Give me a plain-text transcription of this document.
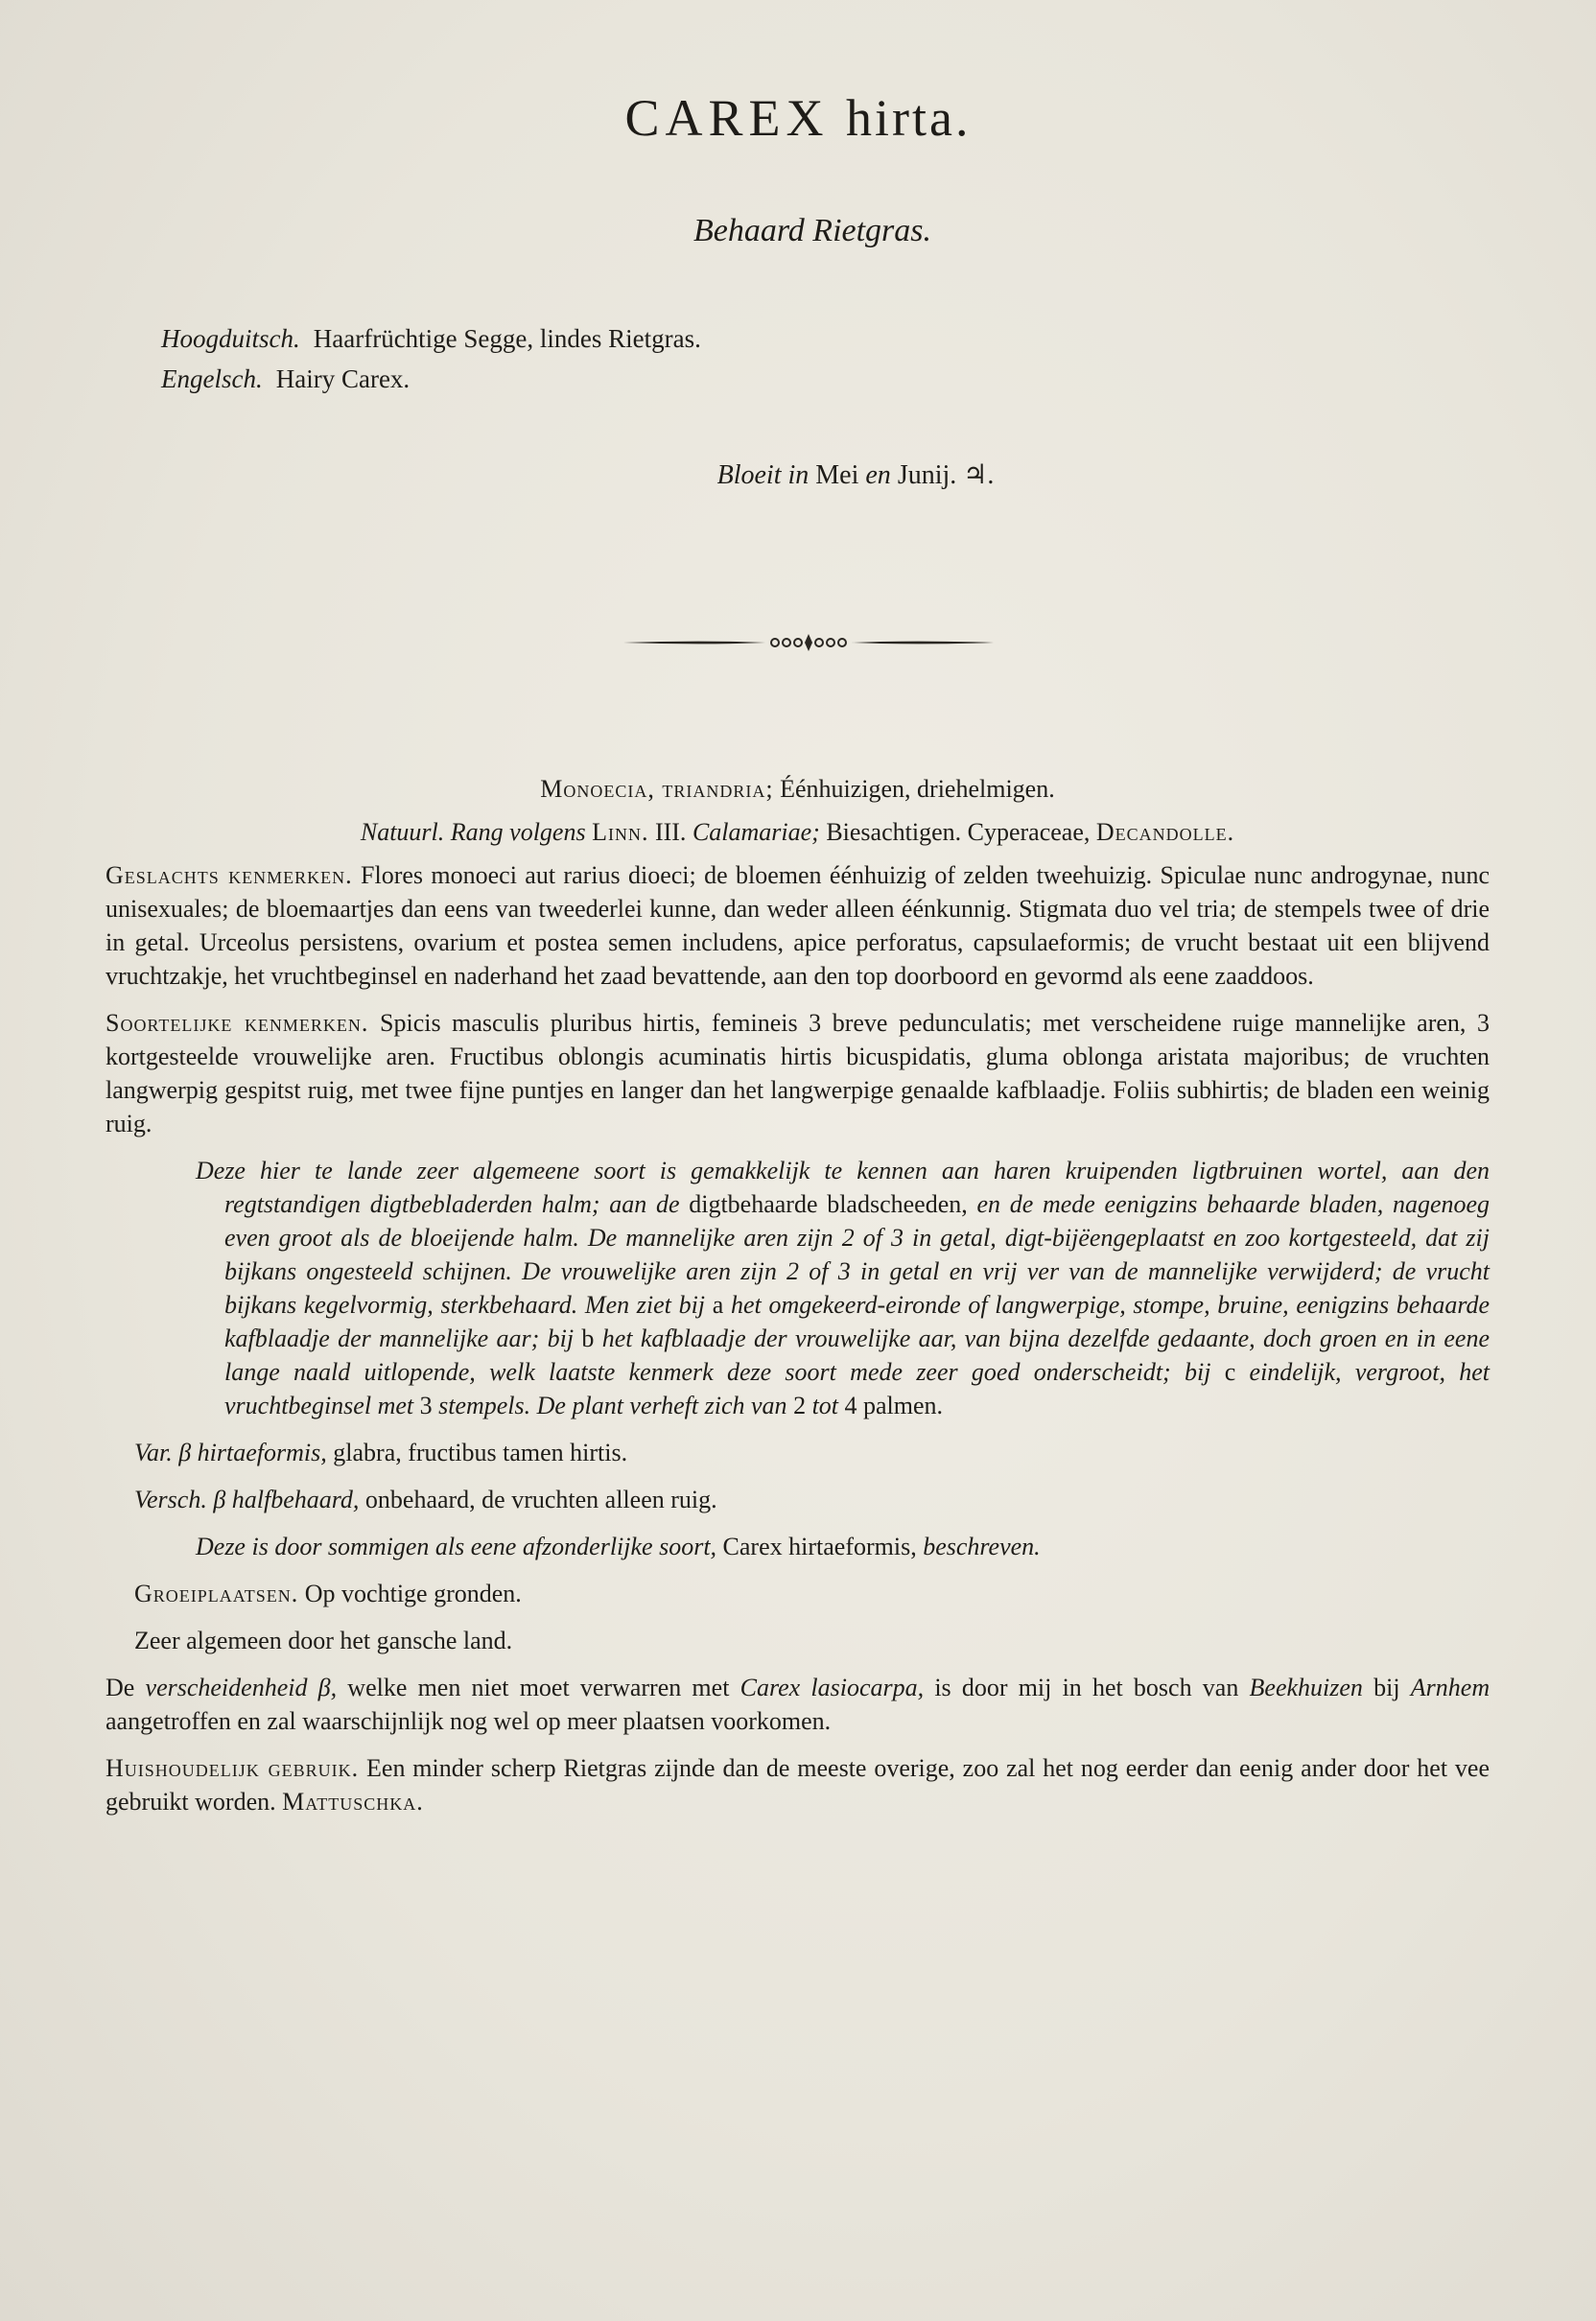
CAREX hirta.
Behaard Rietgras.
Hoogduitsch. Haarfrüchtige Segge, lindes Rietgras.
Engelsch. Hairy Carex.
Bloeit in Mei en Junij. ♃.

Monoecia, triandria; Éénhuizigen, driehelmigen.

Natuurl. Rang volgens Linn. III. Calamariae; Biesachtigen. Cyperaceae, Decandolle.

Geslachts kenmerken. Flores monoeci aut rarius dioeci; de bloemen éénhuizig of zelden tweehuizig. Spiculae nunc androgynae, nunc unisexuales; de bloemaartjes dan eens van tweederlei kunne, dan weder alleen éénkunnig. Stigmata duo vel tria; de stempels twee of drie in getal. Urceolus persistens, ovarium et postea semen includens, apice perforatus, capsulaeformis; de vrucht bestaat uit een blijvend vruchtzakje, het vruchtbeginsel en naderhand het zaad bevattende, aan den top doorboord en gevormd als eene zaaddoos.

Soortelijke kenmerken. Spicis masculis pluribus hirtis, femineis 3 breve pedunculatis; met verscheidene ruige mannelijke aren, 3 kortgesteelde vrouwelijke aren. Fructibus oblongis acuminatis hirtis bicuspidatis, gluma oblonga aristata majoribus; de vruchten langwerpig gespitst ruig, met twee fijne puntjes en langer dan het langwerpige genaalde kafblaadje. Foliis subhirtis; de bladen een weinig ruig.

Deze hier te lande zeer algemeene soort is gemakkelijk te kennen aan haren kruipenden ligtbruinen wortel, aan den regtstandigen digtbebladerden halm; aan de digtbehaarde bladscheeden, en de mede eenigzins behaarde bladen, nagenoeg even groot als de bloeijende halm. De mannelijke aren zijn 2 of 3 in getal, digt-bijëengeplaatst en zoo kortgesteeld, dat zij bijkans ongesteeld schijnen. De vrouwelijke aren zijn 2 of 3 in getal en vrij ver van de mannelijke verwijderd; de vrucht bijkans kegelvormig, sterkbehaard. Men ziet bij a het omgekeerd-eironde of langwerpige, stompe, bruine, eenigzins behaarde kafblaadje der mannelijke aar; bij b het kafblaadje der vrouwelijke aar, van bijna dezelfde gedaante, doch groen en in eene lange naald uitlopende, welk laatste kenmerk deze soort mede zeer goed onderscheidt; bij c eindelijk, vergroot, het vruchtbeginsel met 3 stempels. De plant verheft zich van 2 tot 4 palmen.

Var. β hirtaeformis, glabra, fructibus tamen hirtis.

Versch. β halfbehaard, onbehaard, de vruchten alleen ruig.

Deze is door sommigen als eene afzonderlijke soort, Carex hirtaeformis, beschreven.

Groeiplaatsen. Op vochtige gronden.

Zeer algemeen door het gansche land.

De verscheidenheid β, welke men niet moet verwarren met Carex lasiocarpa, is door mij in het bosch van Beekhuizen bij Arnhem aangetroffen en zal waarschijnlijk nog wel op meer plaatsen voorkomen.

Huishoudelijk gebruik. Een minder scherp Rietgras zijnde dan de meeste overige, zoo zal het nog eerder dan eenig ander door het vee gebruikt worden. Mattuschka.
